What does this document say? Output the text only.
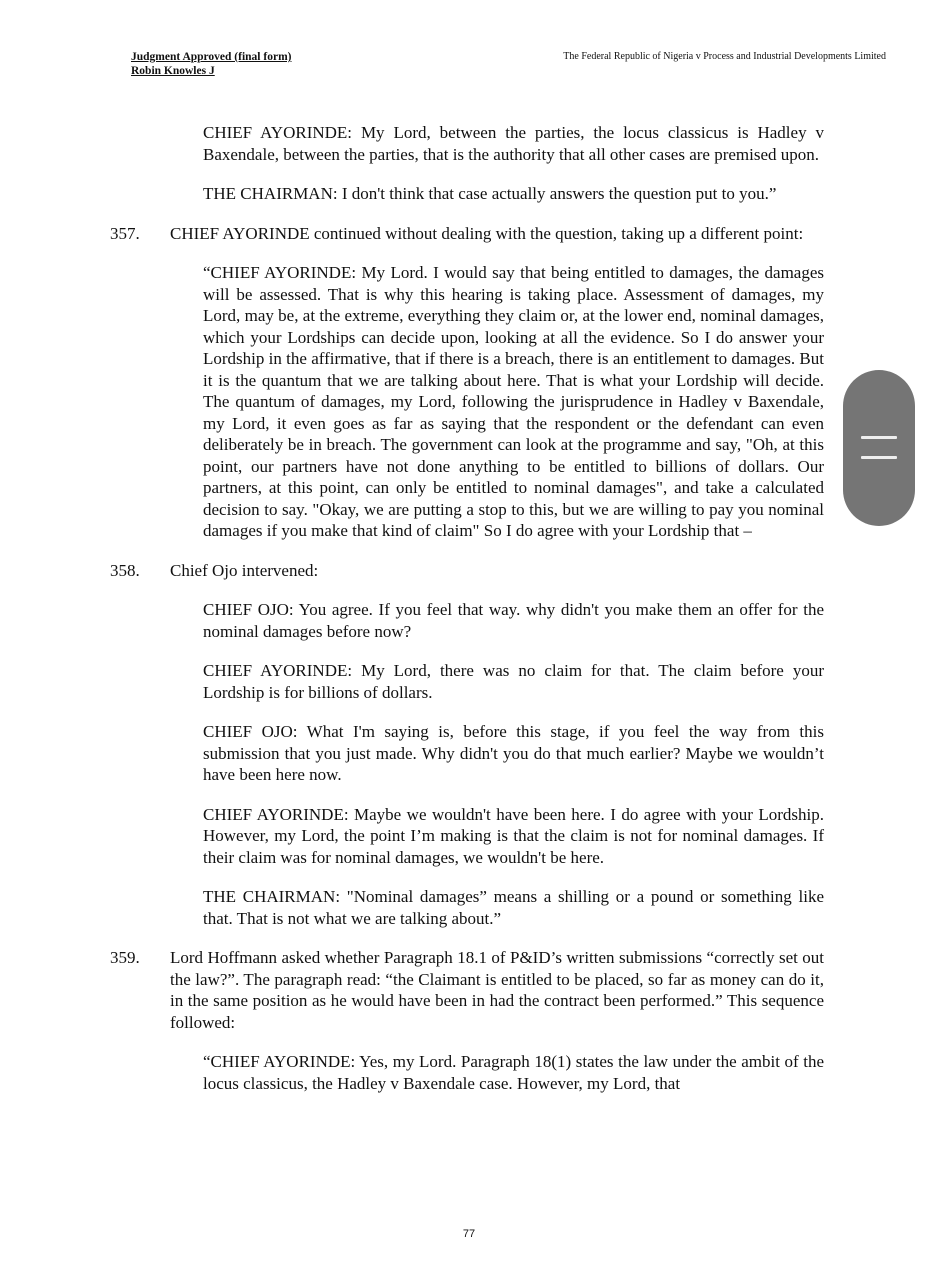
Judgment Approved (final form)
Robin Knowles J
The Federal Republic of Nigeria v Process and Industrial Developments Limited
CHIEF AYORINDE: My Lord, between the parties, the locus classicus is Hadley v Baxendale, between the parties, that is the authority that all other cases are premised upon.
THE CHAIRMAN: I don't think that case actually answers the question put to you.”
357. CHIEF AYORINDE continued without dealing with the question, taking up a different point:
“CHIEF AYORINDE: My Lord. I would say that being entitled to damages, the damages will be assessed. That is why this hearing is taking place. Assessment of damages, my Lord, may be, at the extreme, everything they claim or, at the lower end, nominal damages, which your Lordships can decide upon, looking at all the evidence. So I do answer your Lordship in the affirmative, that if there is a breach, there is an entitlement to damages. But it is the quantum that we are talking about here. That is what your Lordship will decide. The quantum of damages, my Lord, following the jurisprudence in Hadley v Baxendale, my Lord, it even goes as far as saying that the respondent or the defendant can even deliberately be in breach. The government can look at the programme and say, "Oh, at this point, our partners have not done anything to be entitled to billions of dollars. Our partners, at this point, can only be entitled to nominal damages", and take a calculated decision to say. "Okay, we are putting a stop to this, but we are willing to pay you nominal damages if you make that kind of claim" So I do agree with your Lordship that –
358. Chief Ojo intervened:
CHIEF OJO: You agree. If you feel that way. why didn't you make them an offer for the nominal damages before now?
CHIEF AYORINDE: My Lord, there was no claim for that. The claim before your Lordship is for billions of dollars.
CHIEF OJO: What I'm saying is, before this stage, if you feel the way from this submission that you just made. Why didn't you do that much earlier? Maybe we wouldn’t have been here now.
CHIEF AYORINDE: Maybe we wouldn't have been here. I do agree with your Lordship. However, my Lord, the point I’m making is that the claim is not for nominal damages. If their claim was for nominal damages, we wouldn't be here.
THE CHAIRMAN: "Nominal damages” means a shilling or a pound or something like that. That is not what we are talking about.”
359. Lord Hoffmann asked whether Paragraph 18.1 of P&ID’s written submissions “correctly set out the law?”. The paragraph read: “the Claimant is entitled to be placed, so far as money can do it, in the same position as he would have been in had the contract been performed.” This sequence followed:
“CHIEF AYORINDE: Yes, my Lord. Paragraph 18(1) states the law under the ambit of the locus classicus, the Hadley v Baxendale case. However, my Lord, that
77
